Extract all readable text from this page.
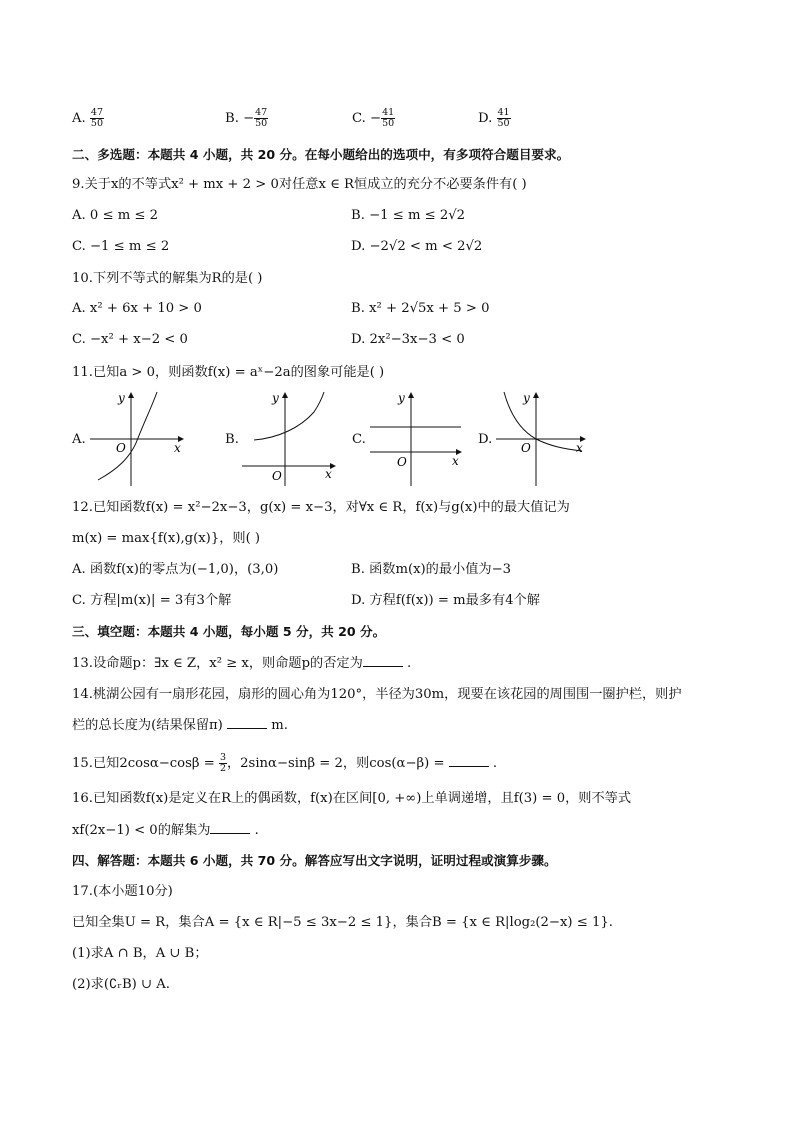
A. $\frac{47}{50}$	B. − $\frac{47}{50}$	C. − $\frac{41}{50}$	D. $\frac{41}{50}$
二、多选题：本题共 4 小题，共 20 分。在每小题给出的选项中，有多项符合题目要求。
9.关于x的不等式x² + mx + 2 > 0对任意x ∈ R恒成立的充分不必要条件有( )
A. 0 ≤ m ≤ 2	B. −1 ≤ m ≤ 2√2
C. −1 ≤ m ≤ 2	D. −2√2 < m < 2√2
10.下列不等式的解集为R的是( )
A. x² + 6x + 10 > 0	B. x² + 2√5x + 5 > 0
C. −x² + x−2 < 0	D. 2x²−3x−3 < 0
11.已知a > 0，则函数f(x) = aˣ−2a的图象可能是( )
A.
x
y
O
B.
x
y
O
C.
x
y
O
D.
x
y
O
12.已知函数f(x) = x²−2x−3，g(x) = x−3，对∀x ∈ R，f(x)与g(x)中的最大值记为
m(x) = max{f(x),g(x)}，则( )
A. 函数f(x)的零点为(−1,0)，(3,0)	B. 函数m(x)的最小值为−3
C. 方程|m(x)| = 3有3个解	D. 方程f(f(x)) = m最多有4个解
三、填空题：本题共 4 小题，每小题 5 分，共 20 分。
13.设命题p：∃x ∈ Z，x² ≥ x，则命题p的否定为	.
14.桃湖公园有一扇形花园，扇形的圆心角为120°，半径为30m，现要在该花园的周围围一圈护栏，则护
栏的总长度为(结果保留π)	m.
15.已知$2\cos\alpha-\cos\beta = \frac{3}{2}$ ，2sinα−sinβ = 2，则cos(α−β) =	.
16.已知函数f(x)是定义在R上的偶函数，f(x)在区间[0, +∞)上单调递增，且f(3) = 0，则不等式
xf(2x−1) < 0的解集为	.
四、解答题：本题共 6 小题，共 70 分。解答应写出文字说明，证明过程或演算步骤。
17.(本小题10分)
已知全集U = R，集合A = {x ∈ R|−5 ≤ 3x−2 ≤ 1}，集合B = {x ∈ R|log₂(2−x) ≤ 1}.
(1)求A ∩ B，A ∪ B；
(2)求(∁ᵣB) ∪ A.
